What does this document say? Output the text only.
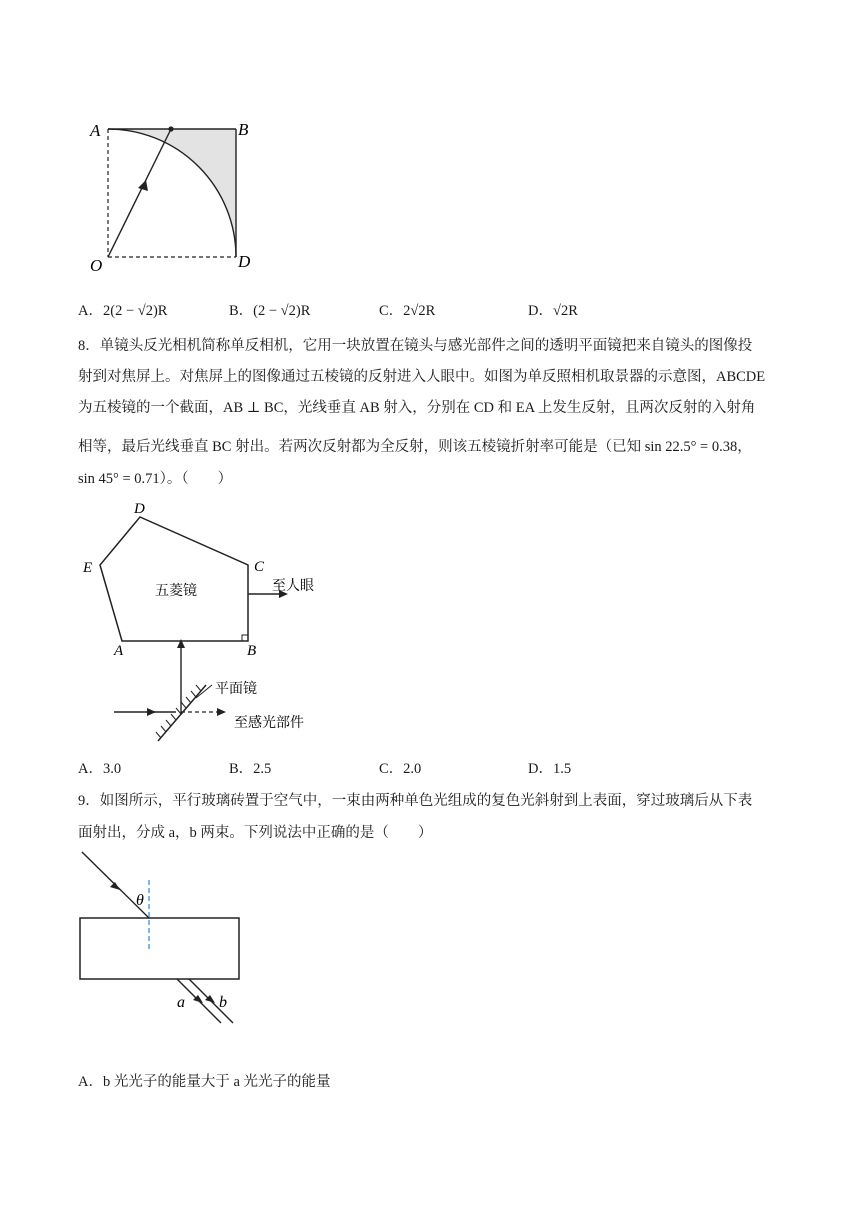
A	B
O	D
A．2(2 − √2)R	B．(2 − √2)R	C．2√2R	D．√2R
8．单镜头反光相机简称单反相机，它用一块放置在镜头与感光部件之间的透明平面镜把来自镜头的图像投
射到对焦屏上。对焦屏上的图像通过五棱镜的反射进入人眼中。如图为单反照相机取景器的示意图，ABCDE
为五棱镜的一个截面，AB ⊥ BC，光线垂直 AB 射入，分别在 CD 和 EA 上发生反射，且两次反射的入射角
相等，最后光线垂直 BC 射出。若两次反射都为全反射，则该五棱镜折射率可能是（已知 sin 22.5° = 0.38，
sin 45° = 0.71）。（　　）
D
E	C
A	B
五菱镜	至人眼
平面镜
至感光部件
A．3.0	B．2.5	C．2.0	D．1.5
9．如图所示，平行玻璃砖置于空气中，一束由两种单色光组成的复色光斜射到上表面，穿过玻璃后从下表
面射出，分成 a，b 两束。下列说法中正确的是（　　）
θ
a b
A．b 光光子的能量大于 a 光光子的能量
